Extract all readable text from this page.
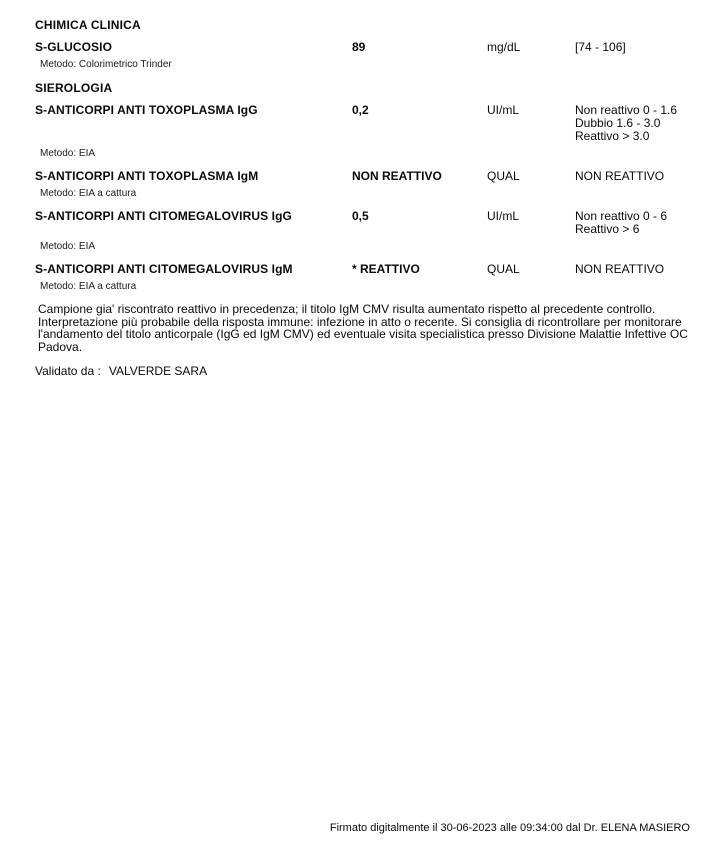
CHIMICA CLINICA
S-GLUCOSIO	89	mg/dL	[74 - 106]
Metodo: Colorimetrico Trinder
SIEROLOGIA
S-ANTICORPI ANTI TOXOPLASMA IgG	0,2	UI/mL	Non reattivo 0 - 1.6
Dubbio 1.6 - 3.0
Reattivo > 3.0
Metodo: EIA
S-ANTICORPI ANTI TOXOPLASMA IgM	NON REATTIVO	QUAL	NON REATTIVO
Metodo: EIA a cattura
S-ANTICORPI ANTI CITOMEGALOVIRUS IgG	0,5	UI/mL	Non reattivo 0 - 6
Reattivo > 6
Metodo: EIA
S-ANTICORPI ANTI CITOMEGALOVIRUS IgM	* REATTIVO	QUAL	NON REATTIVO
Metodo: EIA a cattura
Campione gia' riscontrato reattivo in precedenza; il titolo IgM CMV risulta aumentato rispetto al precedente controllo.
Interpretazione più probabile della risposta immune: infezione in atto o recente. Si consiglia di ricontrollare per monitorare
l'andamento del titolo anticorpale (IgG ed IgM CMV) ed eventuale visita specialistica presso Divisione Malattie Infettive OC
Padova.
Validato da : VALVERDE SARA
Firmato digitalmente il 30-06-2023 alle 09:34:00 dal Dr. ELENA MASIERO
